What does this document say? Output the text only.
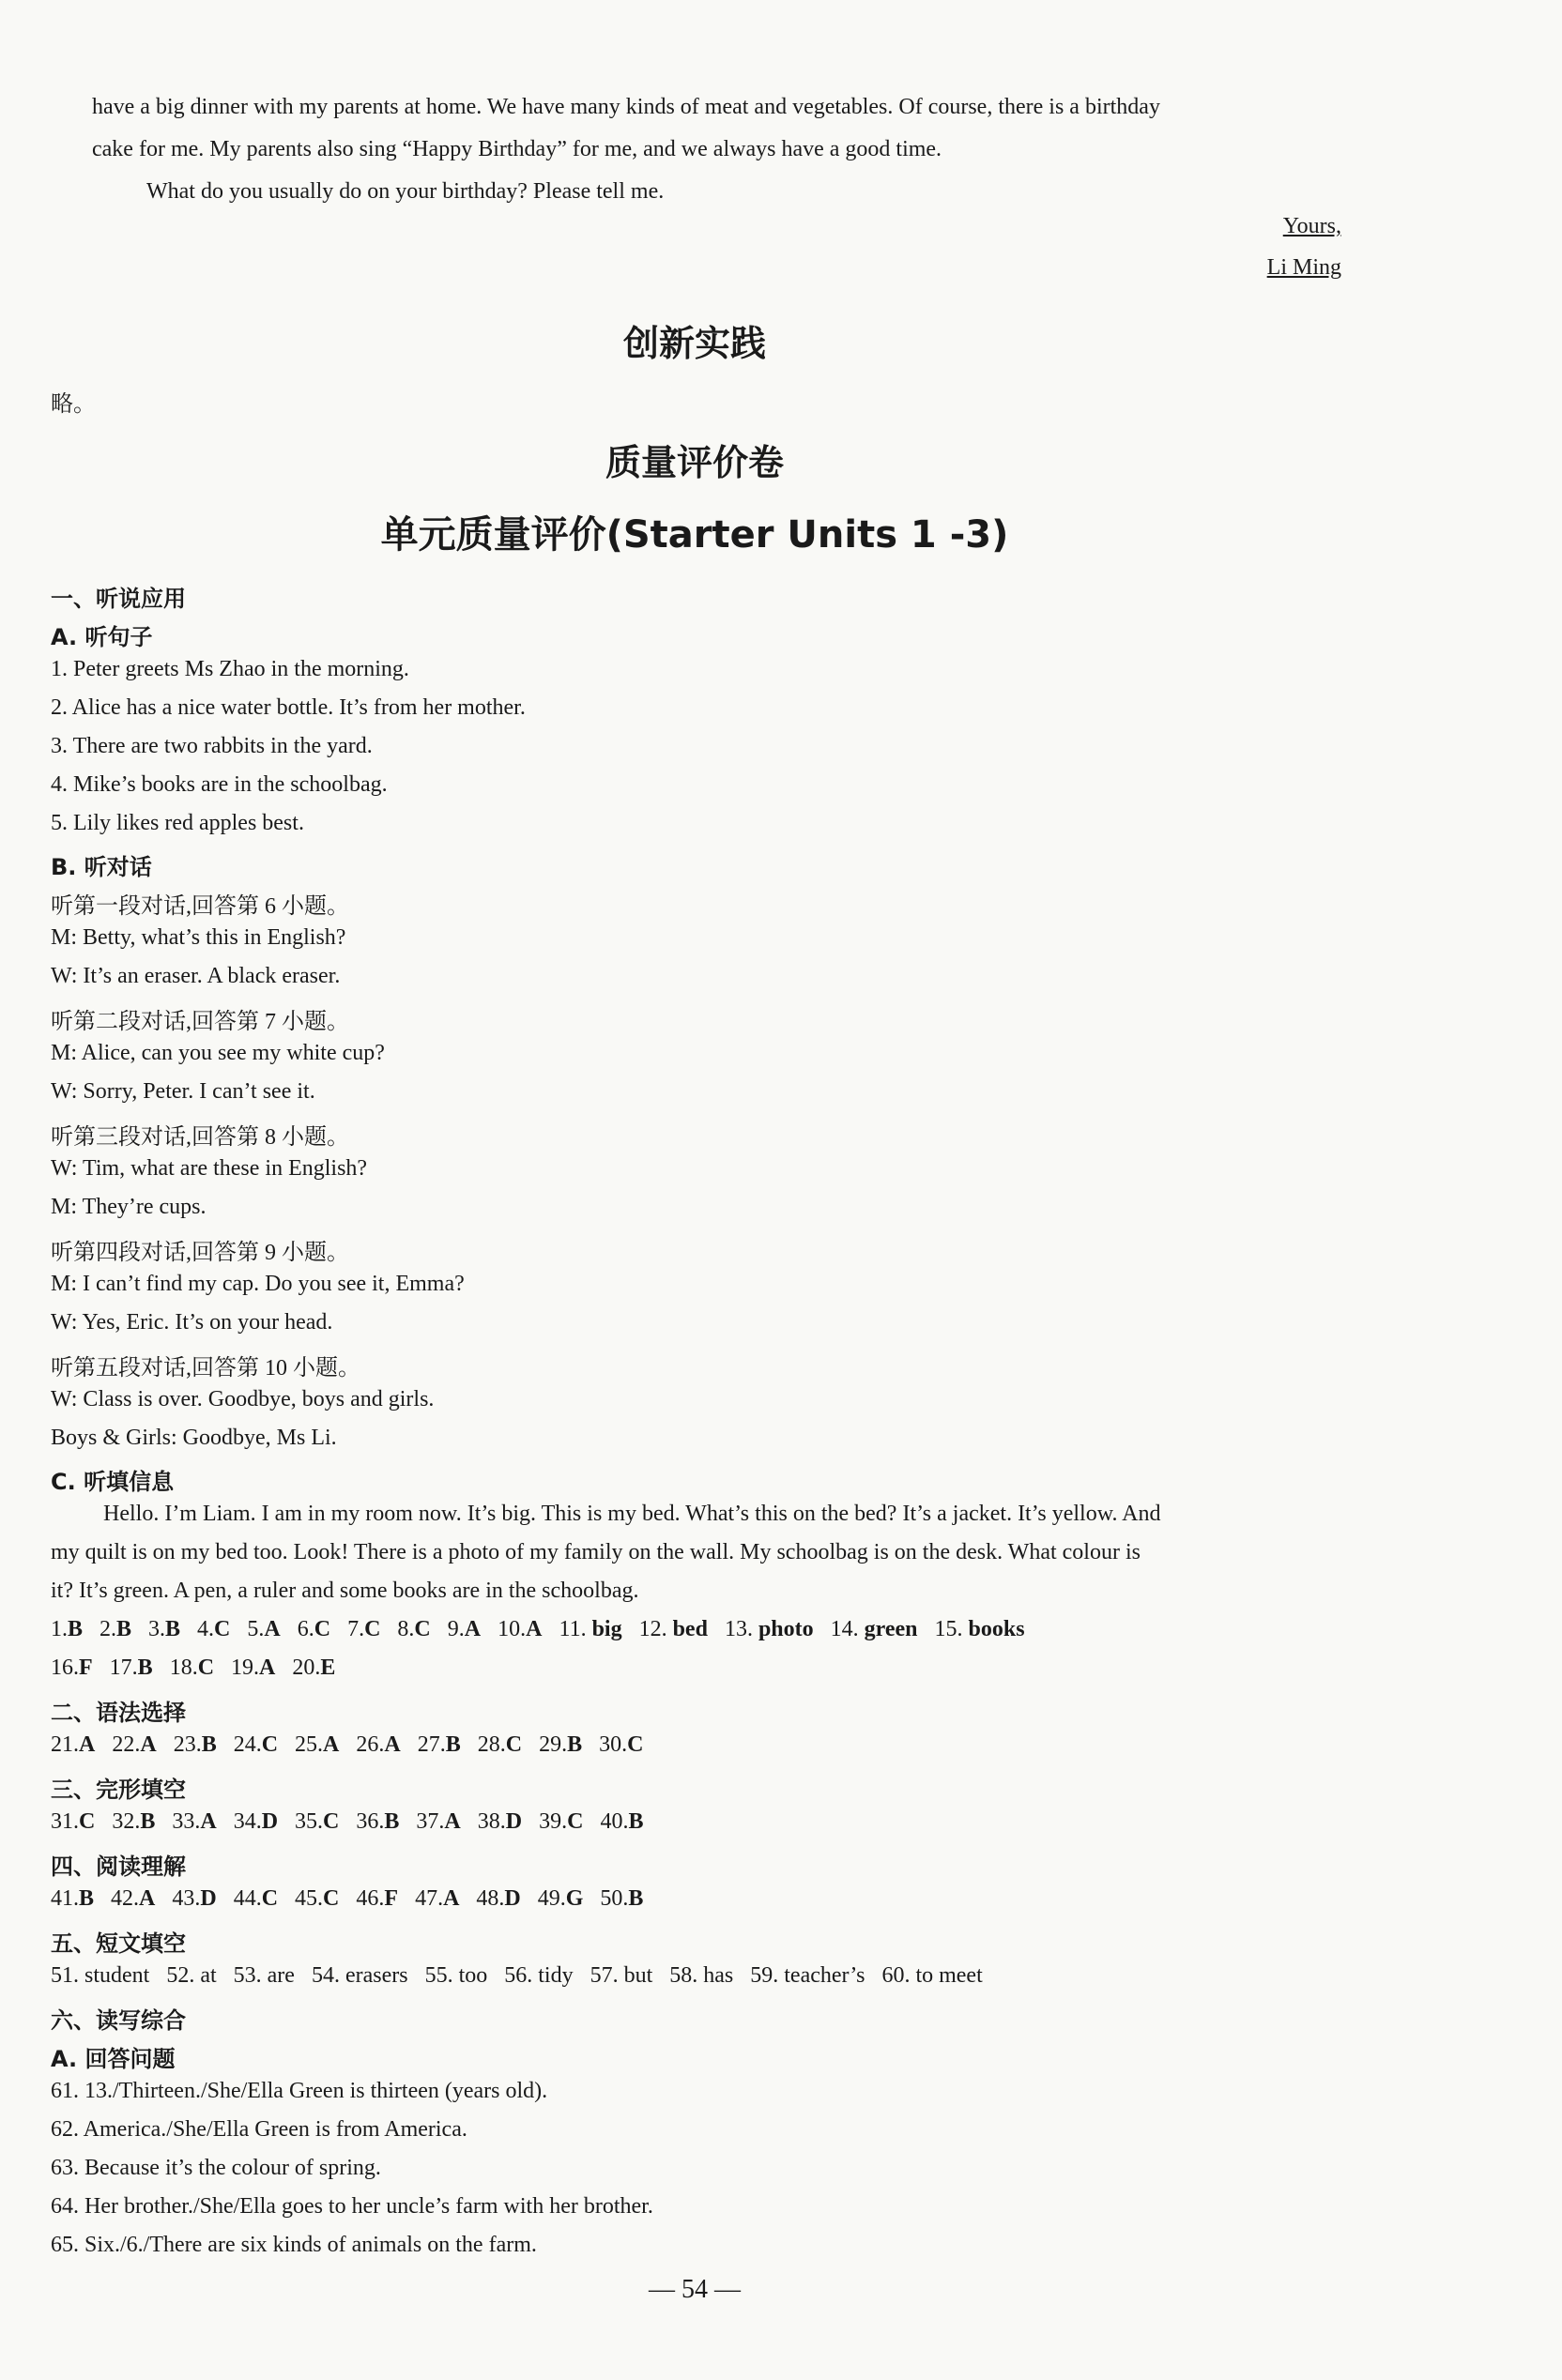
have a big dinner with my parents at home. We have many kinds of meat and vegetables. Of course, there is a birthday
cake for me. My parents also sing “Happy Birthday” for me, and we always have a good time.
What do you usually do on your birthday? Please tell me.
Yours,
Li Ming
创新实践
略。
质量评价卷
单元质量评价(Starter Units 1 -3)
一、听说应用
A. 听句子
1. Peter greets Ms Zhao in the morning.
2. Alice has a nice water bottle. It’s from her mother.
3. There are two rabbits in the yard.
4. Mike’s books are in the schoolbag.
5. Lily likes red apples best.
B. 听对话
听第一段对话,回答第 6 小题。
M: Betty, what’s this in English?
W: It’s an eraser. A black eraser.
听第二段对话,回答第 7 小题。
M: Alice, can you see my white cup?
W: Sorry, Peter. I can’t see it.
听第三段对话,回答第 8 小题。
W: Tim, what are these in English?
M: They’re cups.
听第四段对话,回答第 9 小题。
M: I can’t find my cap. Do you see it, Emma?
W: Yes, Eric. It’s on your head.
听第五段对话,回答第 10 小题。
W: Class is over. Goodbye, boys and girls.
Boys & Girls: Goodbye, Ms Li.
C. 听填信息
Hello. I’m Liam. I am in my room now. It’s big. This is my bed. What’s this on the bed? It’s a jacket. It’s yellow. And
my quilt is on my bed too. Look! There is a photo of my family on the wall. My schoolbag is on the desk. What colour is
it? It’s green. A pen, a ruler and some books are in the schoolbag.
1.B 2.B 3.B 4.C 5.A 6.C 7.C 8.C 9.A 10.A 11. big 12. bed 13. photo 14. green 15. books
16.F 17.B 18.C 19.A 20.E
二、语法选择
21.A 22.A 23.B 24.C 25.A 26.A 27.B 28.C 29.B 30.C
三、完形填空
31.C 32.B 33.A 34.D 35.C 36.B 37.A 38.D 39.C 40.B
四、阅读理解
41.B 42.A 43.D 44.C 45.C 46.F 47.A 48.D 49.G 50.B
五、短文填空
51. student 52. at 53. are 54. erasers 55. too 56. tidy 57. but 58. has 59. teacher’s 60. to meet
六、读写综合
A. 回答问题
61. 13./Thirteen./She/Ella Green is thirteen (years old).
62. America./She/Ella Green is from America.
63. Because it’s the colour of spring.
64. Her brother./She/Ella goes to her uncle’s farm with her brother.
65. Six./6./There are six kinds of animals on the farm.
— 54 —
